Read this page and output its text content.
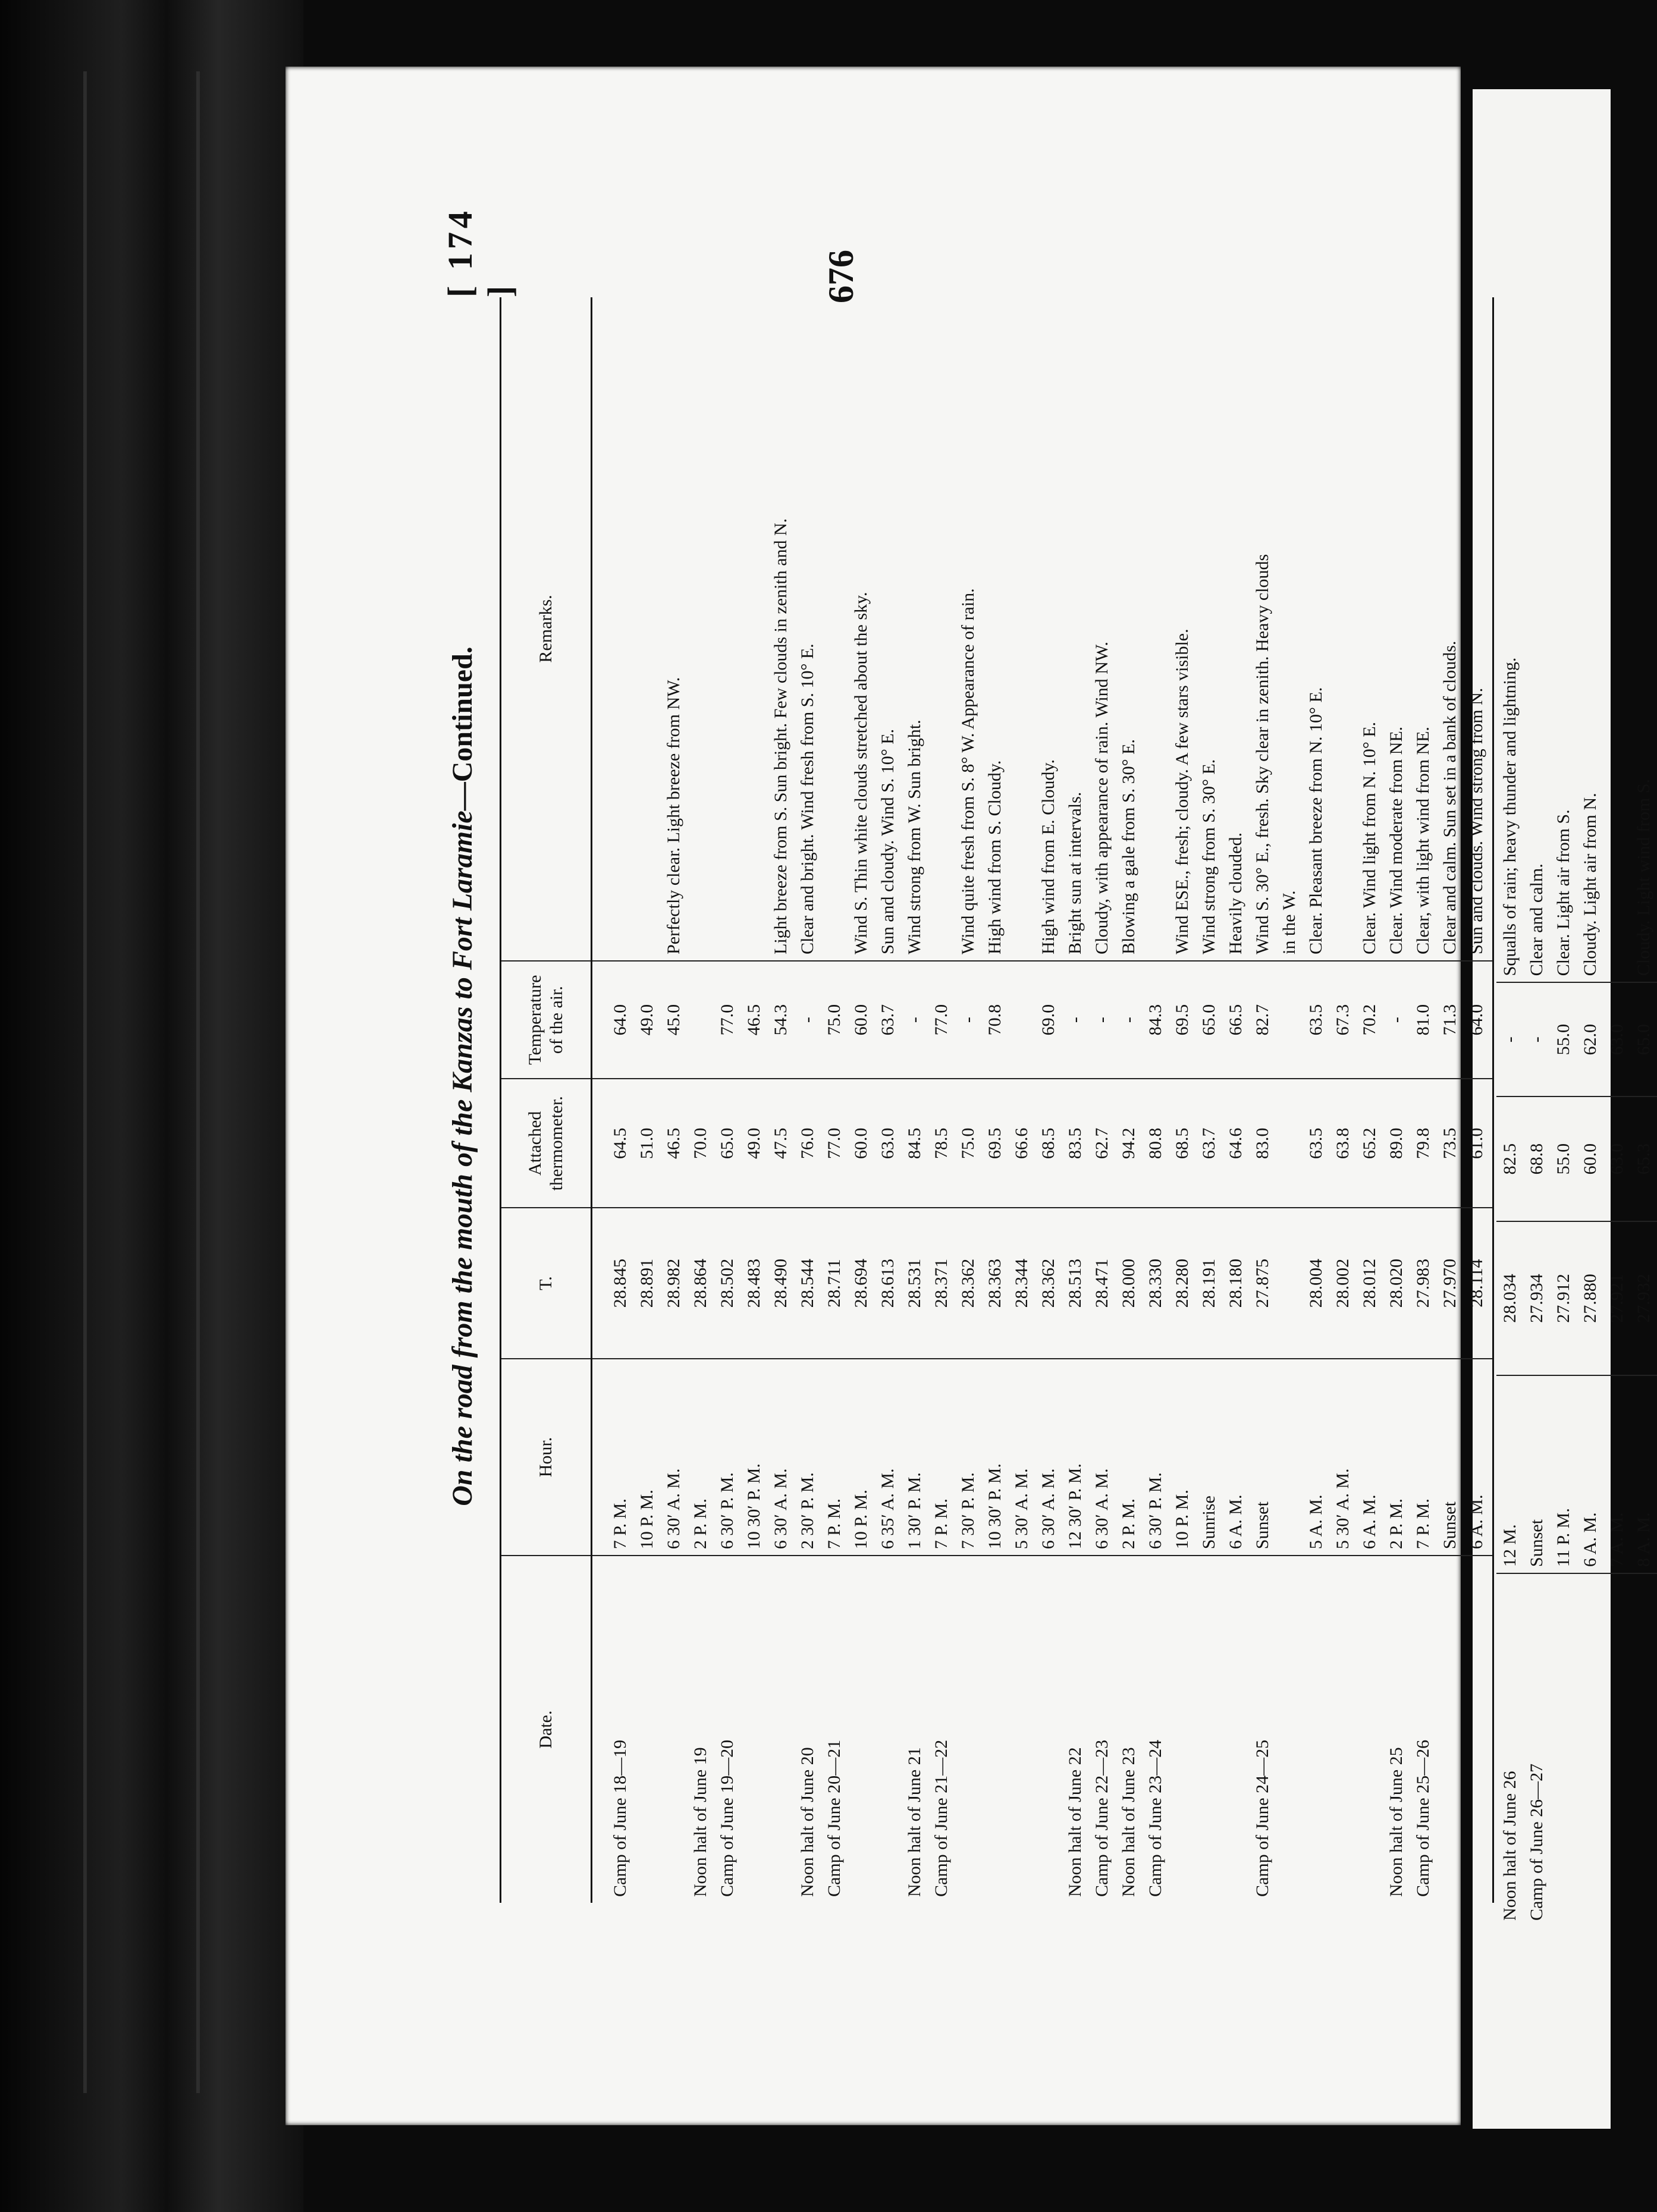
[ 174 ]	676
On the road from the mouth of the Kanzas to Fort Laramie—Continued.
Date.	Hour.	T.	Attached thermometer.	Temperature of the air.	Remarks.

Camp of June 18—19	7 P. M.	28.845	64.5	64.0	
	10 P. M.	28.891	51.0	49.0	
	6 30′ A. M.	28.982	46.5	45.0	Perfectly clear. Light breeze from NW.
Noon halt of June 19	2 P. M.	28.864	70.0		
Camp of June 19—20	6 30′ P. M.	28.502	65.0	77.0	
	10 30′ P. M.	28.483	49.0	46.5	
	6 30′ A. M.	28.490	47.5	54.3	Light breeze from S. Sun bright. Few clouds in zenith and N.
Noon halt of June 20	2 30′ P. M.	28.544	76.0	-	Clear and bright. Wind fresh from S. 10° E.
Camp of June 20—21	7 P. M.	28.711	77.0	75.0	
	10 P. M.	28.694	60.0	60.0	Wind S. Thin white clouds stretched about the sky.
	6 35′ A. M.	28.613	63.0	63.7	Sun and cloudy. Wind S. 10° E.
Noon halt of June 21	1 30′ P. M.	28.531	84.5	-	Wind strong from W. Sun bright.
Camp of June 21—22	7 P. M.	28.371	78.5	77.0	
	7 30′ P. M.	28.362	75.0	-	Wind quite fresh from S. 8° W. Appearance of rain.
	10 30′ P. M.	28.363	69.5	70.8	High wind from S. Cloudy.
	5 30′ A. M.	28.344	66.6		
	6 30′ A. M.	28.362	68.5	69.0	High wind from E. Cloudy.
Noon halt of June 22	12 30′ P. M.	28.513	83.5	-	Bright sun at intervals.
Camp of June 22—23	6 30′ A. M.	28.471	62.7	-	Cloudy, with appearance of rain. Wind NW.
Noon halt of June 23	2 P. M.	28.000	94.2	-	Blowing a gale from S. 30° E.
Camp of June 23—24	6 30′ P. M.	28.330	80.8	84.3	
	10 P. M.	28.280	68.5	69.5	Wind ESE., fresh; cloudy. A few stars visible.
	Sunrise	28.191	63.7	65.0	Wind strong from S. 30° E.
	6 A. M.	28.180	64.6	66.5	Heavily clouded.
Camp of June 24—25	Sunset	27.875	83.0	82.7	Wind S. 30° E., fresh. Sky clear in zenith. Heavy clouds
					in the W.
	5 A. M.	28.004	63.5	63.5	Clear. Pleasant breeze from N. 10° E.
	5 30′ A. M.	28.002	63.8	67.3	
	6 A. M.	28.012	65.2	70.2	Clear. Wind light from N. 10° E.
Noon halt of June 25	2 P. M.	28.020	89.0	-	Clear. Wind moderate from NE.
Camp of June 25—26	7 P. M.	27.983	79.8	81.0	Clear, with light wind from NE.
	Sunset	27.970	73.5	71.3	Clear and calm. Sun set in a bank of clouds.
	6 A. M.	28.114	61.0	64.0	Sun and clouds. Wind strong from N.

Noon halt of June 26	12 M.	28.034	82.5	-	Squalls of rain; heavy thunder and lightning.
Camp of June 26—27	Sunset	27.934	68.8	-	Clear and calm.
	11 P. M.	27.912	55.0	55.0	Clear. Light air from S.
	6 A. M.	27.880	60.0	62.0	Cloudy. Light air from N.
	7 A. M.	27.921	63.0	63.0	
	8 A. M.	27.932	65.3	65.0	Cloudy. Light wind from S.
